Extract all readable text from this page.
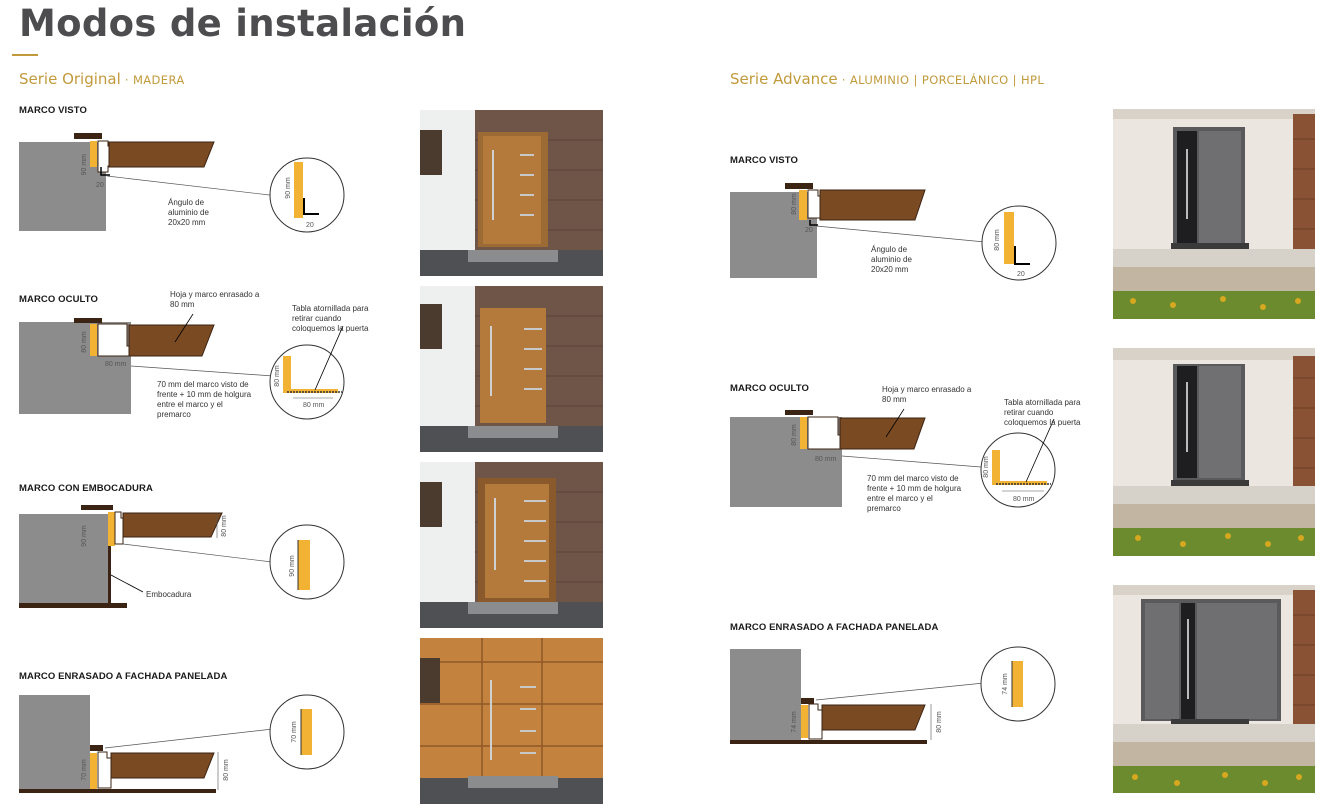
Modos de instalación
Serie Original · MADERA	Serie Advance · ALUMINIO | PORCELÁNICO | HPL
MARCO VISTO
90 mm
20	90 mm
20
Ángulo de aluminio de 20x20 mm
MARCO OCULTO
80 mm
80 mm
80 mm
80 mm
Hoja y marco enrasado a 80 mm	Tabla atornillada para retirar cuando coloquemos la puerta
70 mm del marco visto de frente + 10 mm de holgura entre el marco y el premarco
MARCO CON EMBOCADURA
90 mm	80 mm
90 mm
Embocadura
MARCO ENRASADO A FACHADA PANELADA
70 mm	80 mm
70 mm
MARCO VISTO
80 mm
20	80 mm
20
Ángulo de aluminio de 20x20 mm
MARCO OCULTO
80 mm
80 mm	80 mm
80 mm
Hoja y marco enrasado a 80 mm	Tabla atornillada para retirar cuando coloquemos la puerta
70 mm del marco visto de frente + 10 mm de holgura entre el marco y el premarco
MARCO ENRASADO A FACHADA PANELADA
74 mm	80 mm
74 mm
